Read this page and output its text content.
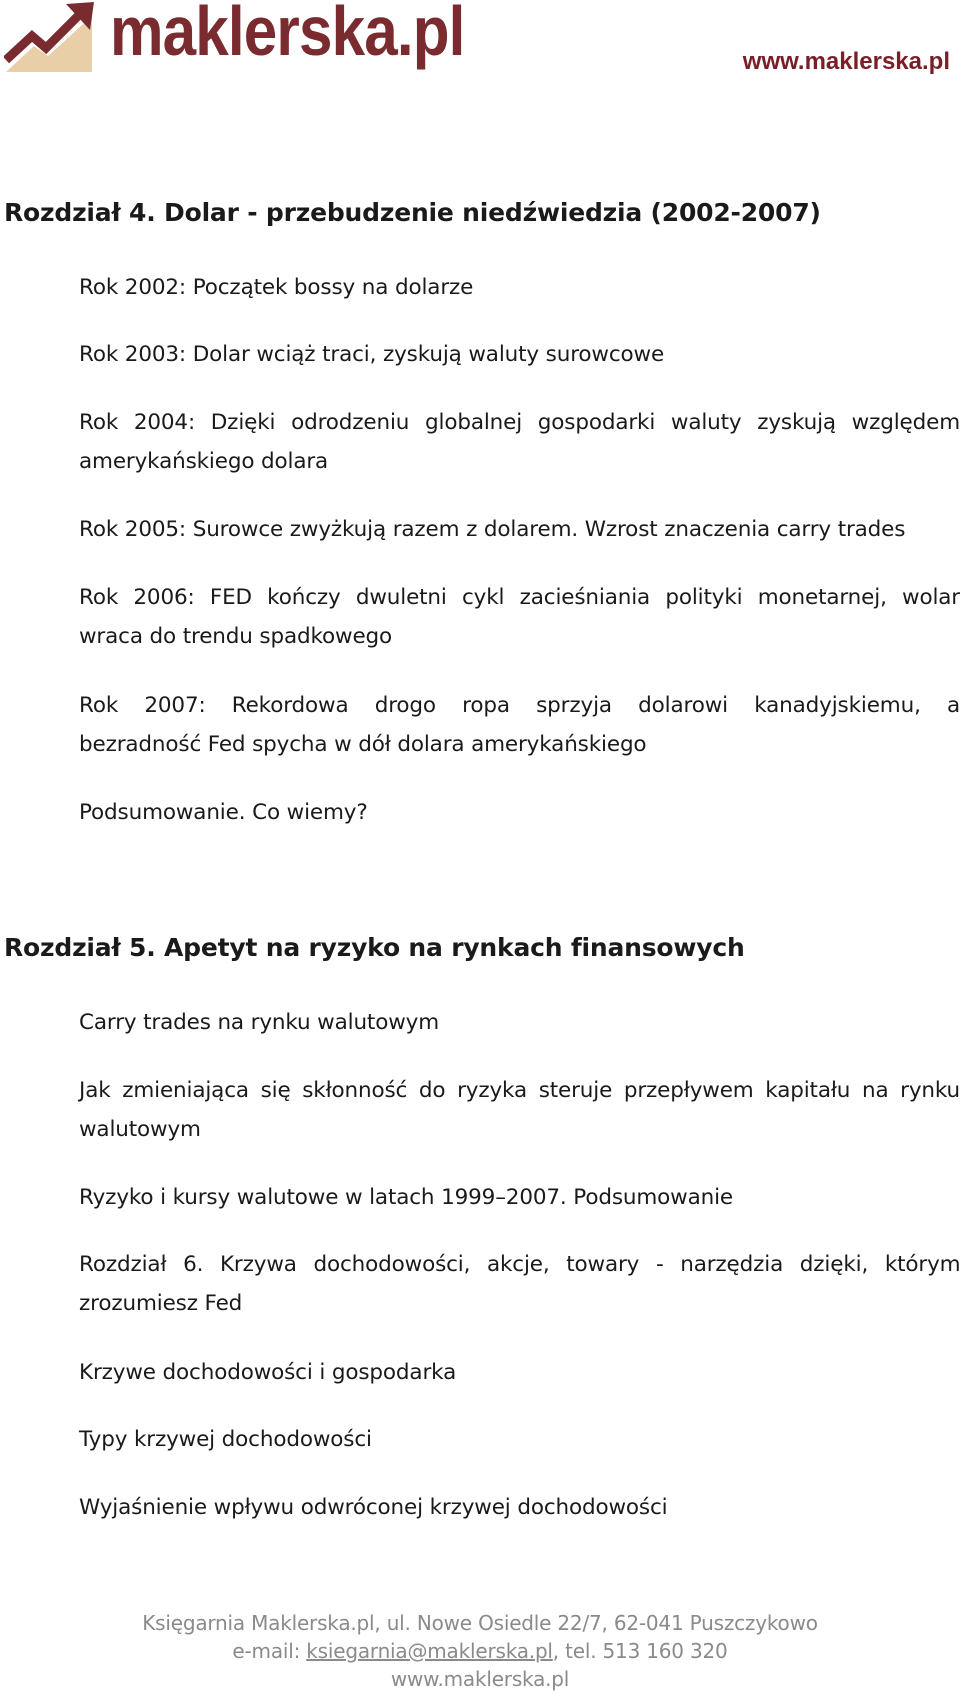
maklerska.pl	www.maklerska.pl
Rozdział 4. Dolar - przebudzenie niedźwiedzia (2002-2007)
Rok 2002: Początek bossy na dolarze
Rok 2003: Dolar wciąż traci, zyskują waluty surowcowe
Rok 2004: Dzięki odrodzeniu globalnej gospodarki waluty zyskują względem
amerykańskiego dolara
Rok 2005: Surowce zwyżkują razem z dolarem. Wzrost znaczenia carry trades
Rok 2006: FED kończy dwuletni cykl zacieśniania polityki monetarnej, wolar
wraca do trendu spadkowego
Rok 2007: Rekordowa drogo ropa sprzyja dolarowi kanadyjskiemu, a
bezradność Fed spycha w dół dolara amerykańskiego
Podsumowanie. Co wiemy?
Rozdział 5. Apetyt na ryzyko na rynkach finansowych
Carry trades na rynku walutowym
Jak zmieniająca się skłonność do ryzyka steruje przepływem kapitału na rynku
walutowym
Ryzyko i kursy walutowe w latach 1999–2007. Podsumowanie
Rozdział 6. Krzywa dochodowości, akcje, towary - narzędzia dzięki, którym
zrozumiesz Fed
Krzywe dochodowości i gospodarka
Typy krzywej dochodowości
Wyjaśnienie wpływu odwróconej krzywej dochodowości
Księgarnia Maklerska.pl, ul. Nowe Osiedle 22/7, 62-041 Puszczykowo
e-mail: ksiegarnia@maklerska.pl, tel. 513 160 320
www.maklerska.pl
